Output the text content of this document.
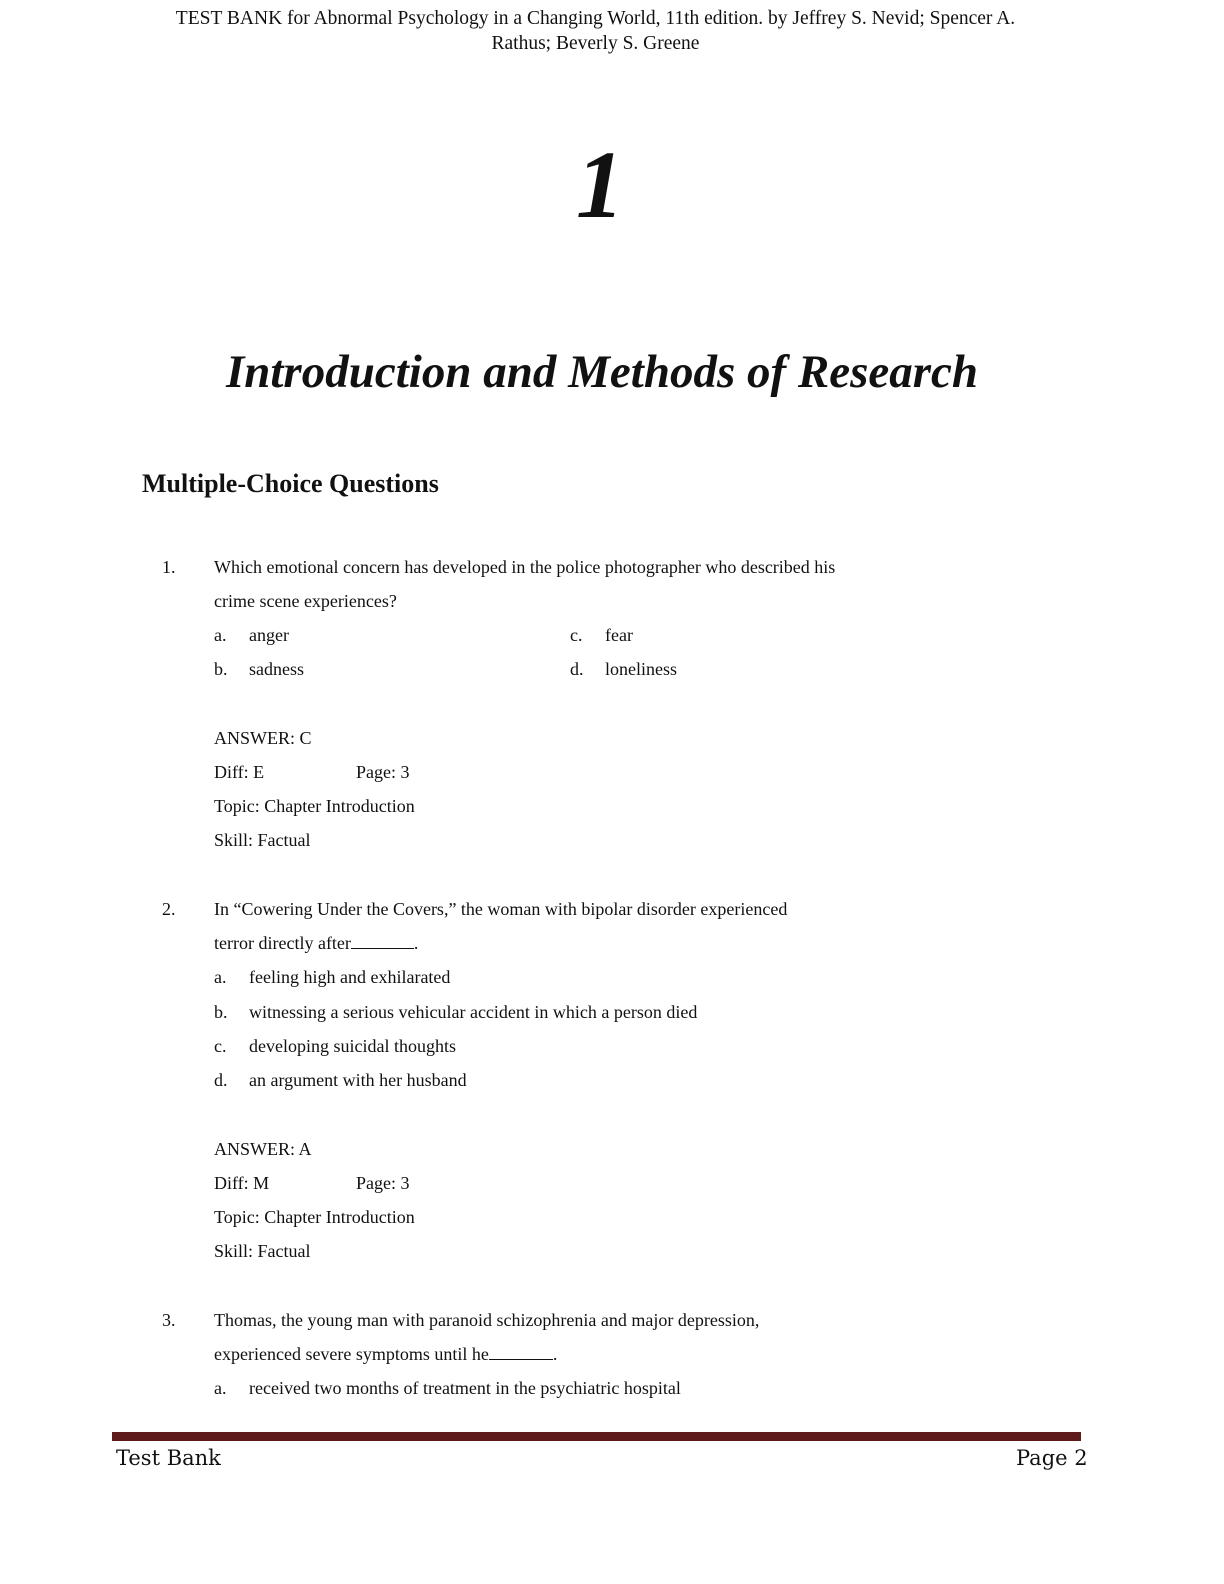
TEST BANK for Abnormal Psychology in a Changing World, 11th edition. by Jeffrey S. Nevid; Spencer A.
Rathus; Beverly S. Greene
1
Introduction and Methods of Research
Multiple-Choice Questions
1. Which emotional concern has developed in the police photographer who described his
crime scene experiences?
a. anger
b. sadness
c. fear
d. loneliness
ANSWER: C
Diff: E	Page: 3
Topic: Chapter Introduction
Skill: Factual
2. In “Cowering Under the Covers,” the woman with bipolar disorder experienced
terror directly after	.
a. feeling high and exhilarated
b. witnessing a serious vehicular accident in which a person died
c. developing suicidal thoughts
d. an argument with her husband
ANSWER: A
Diff: M	Page: 3
Topic: Chapter Introduction
Skill: Factual
3. Thomas, the young man with paranoid schizophrenia and major depression,
experienced severe symptoms until he	.
a. received two months of treatment in the psychiatric hospital
Test Bank	Page 2
